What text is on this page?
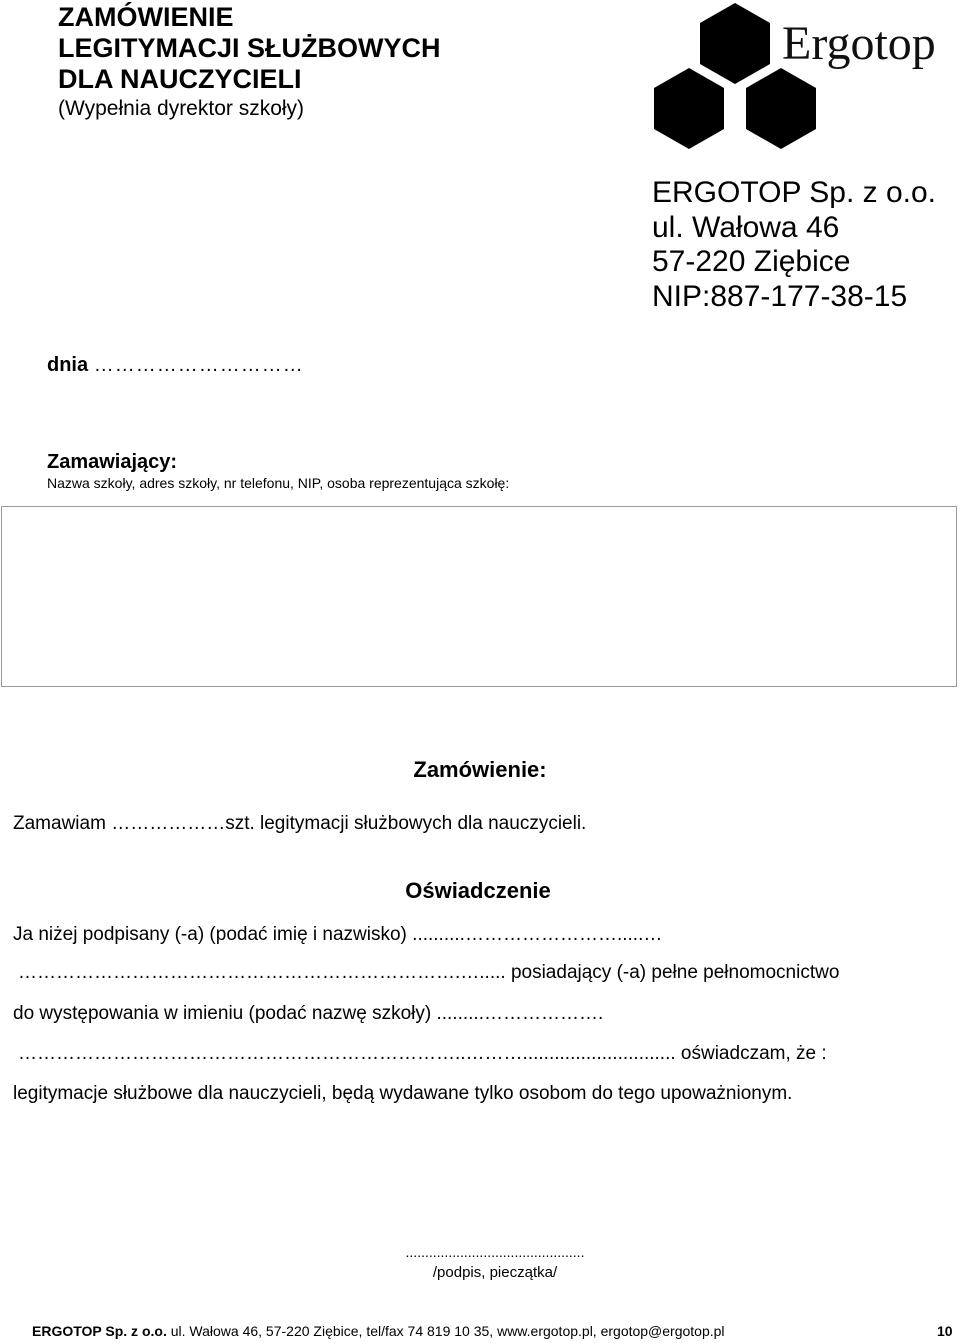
ZAMÓWIENIE
LEGITYMACJI SŁUŻBOWYCH
DLA NAUCZYCIELI
(Wypełnia dyrektor szkoły)
Ergotop
ERGOTOP Sp. z o.o.
ul. Wałowa 46
57-220 Ziębice
NIP:887-177-38-15
dnia …………………………
Zamawiający:
Nazwa szkoły, adres szkoły, nr telefonu, NIP, osoba reprezentująca szkołę:
Zamówienie:
Zamawiam ………………szt. legitymacji służbowych dla nauczycieli.
Oświadczenie
Ja niżej podpisany (-a) (podać imię i nazwisko) ..........…………………….....…
…………………………………………………………….…..... posiadający (-a) pełne pełnomocnictwo
do występowania w imieniu (podać nazwę szkoły) .........……………….
……………………………………………………………..………............................. oświadczam, że :
legitymacje służbowe dla nauczycieli, będą wydawane tylko osobom do tego upoważnionym.
..............................................
/podpis, pieczątka/
ERGOTOP Sp. z o.o. ul. Wałowa 46, 57-220 Ziębice, tel/fax 74 819 10 35, www.ergotop.pl, ergotop@ergotop.pl	10
